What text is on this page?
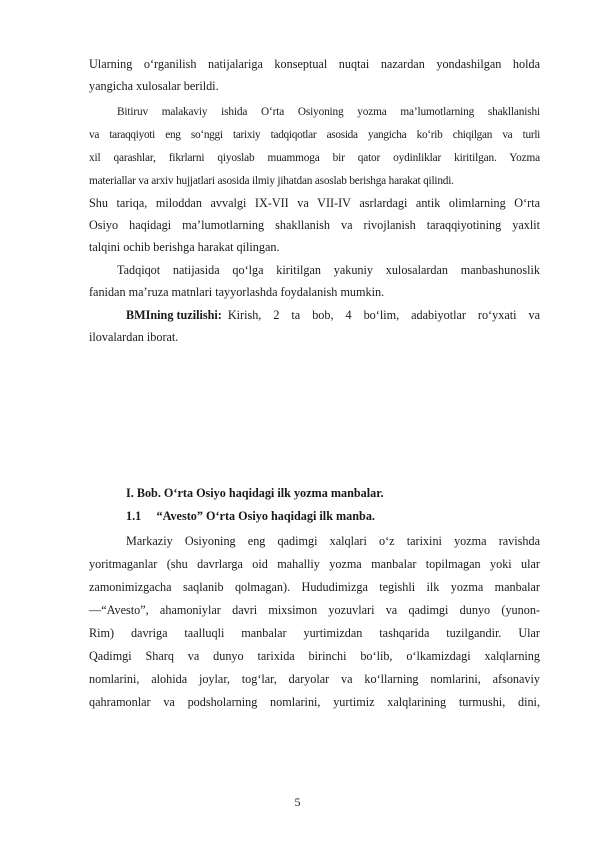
Ularning o‘rganilish natijalariga konseptual nuqtai nazardan yondashilgan holda
yangicha xulosalar berildi.
Bitiruv malakaviy ishida O‘rta Osiyoning yozma ma’lumotlarning shakllanishi
va taraqqiyoti eng so‘nggi tarixiy tadqiqotlar asosida yangicha ko‘rib chiqilgan va turli
xil qarashlar, fikrlarni qiyoslab muammoga bir qator oydinliklar kiritilgan. Yozma
materiallar va arxiv hujjatlari asosida ilmiy jihatdan asoslab berishga harakat qilindi.
Shu tariqa, miloddan avvalgi IX-VII va VII-IV asrlardagi antik olimlarning O‘rta
Osiyo haqidagi ma’lumotlarning shakllanish va rivojlanish taraqqiyotining yaxlit
talqini ochib berishga harakat qilingan.
Tadqiqot natijasida qo‘lga kiritilgan yakuniy xulosalardan manbashunoslik
fanidan ma’ruza matnlari tayyorlashda foydalanish mumkin.
BMIning tuzilishi: Kirish, 2 ta bob, 4 bo‘lim, adabiyotlar ro‘yxati va
ilovalardan iborat.
I. Bob. O‘rta Osiyo haqidagi ilk yozma manbalar.
1.1     “Avesto” O‘rta Osiyo haqidagi ilk manba.
Markaziy Osiyoning eng qadimgi xalqlari o‘z tarixini yozma ravishda
yoritmaganlar (shu davrlarga oid mahalliy yozma manbalar topilmagan yoki ular
zamonimizgacha saqlanib qolmagan). Hududimizga tegishli ilk yozma manbalar
—“Avesto”, ahamoniylar davri mixsimon yozuvlari va qadimgi dunyo (yunon-
Rim) davriga taalluqli manbalar yurtimizdan tashqarida tuzilgandir. Ular
Qadimgi Sharq va dunyo tarixida birinchi bo‘lib, o‘lkamizdagi xalqlarning
nomlarini, alohida joylar, tog‘lar, daryolar va ko‘llarning nomlarini, afsonaviy
qahramonlar va podsholarning nomlarini, yurtimiz xalqlarining turmushi, dini,
5
